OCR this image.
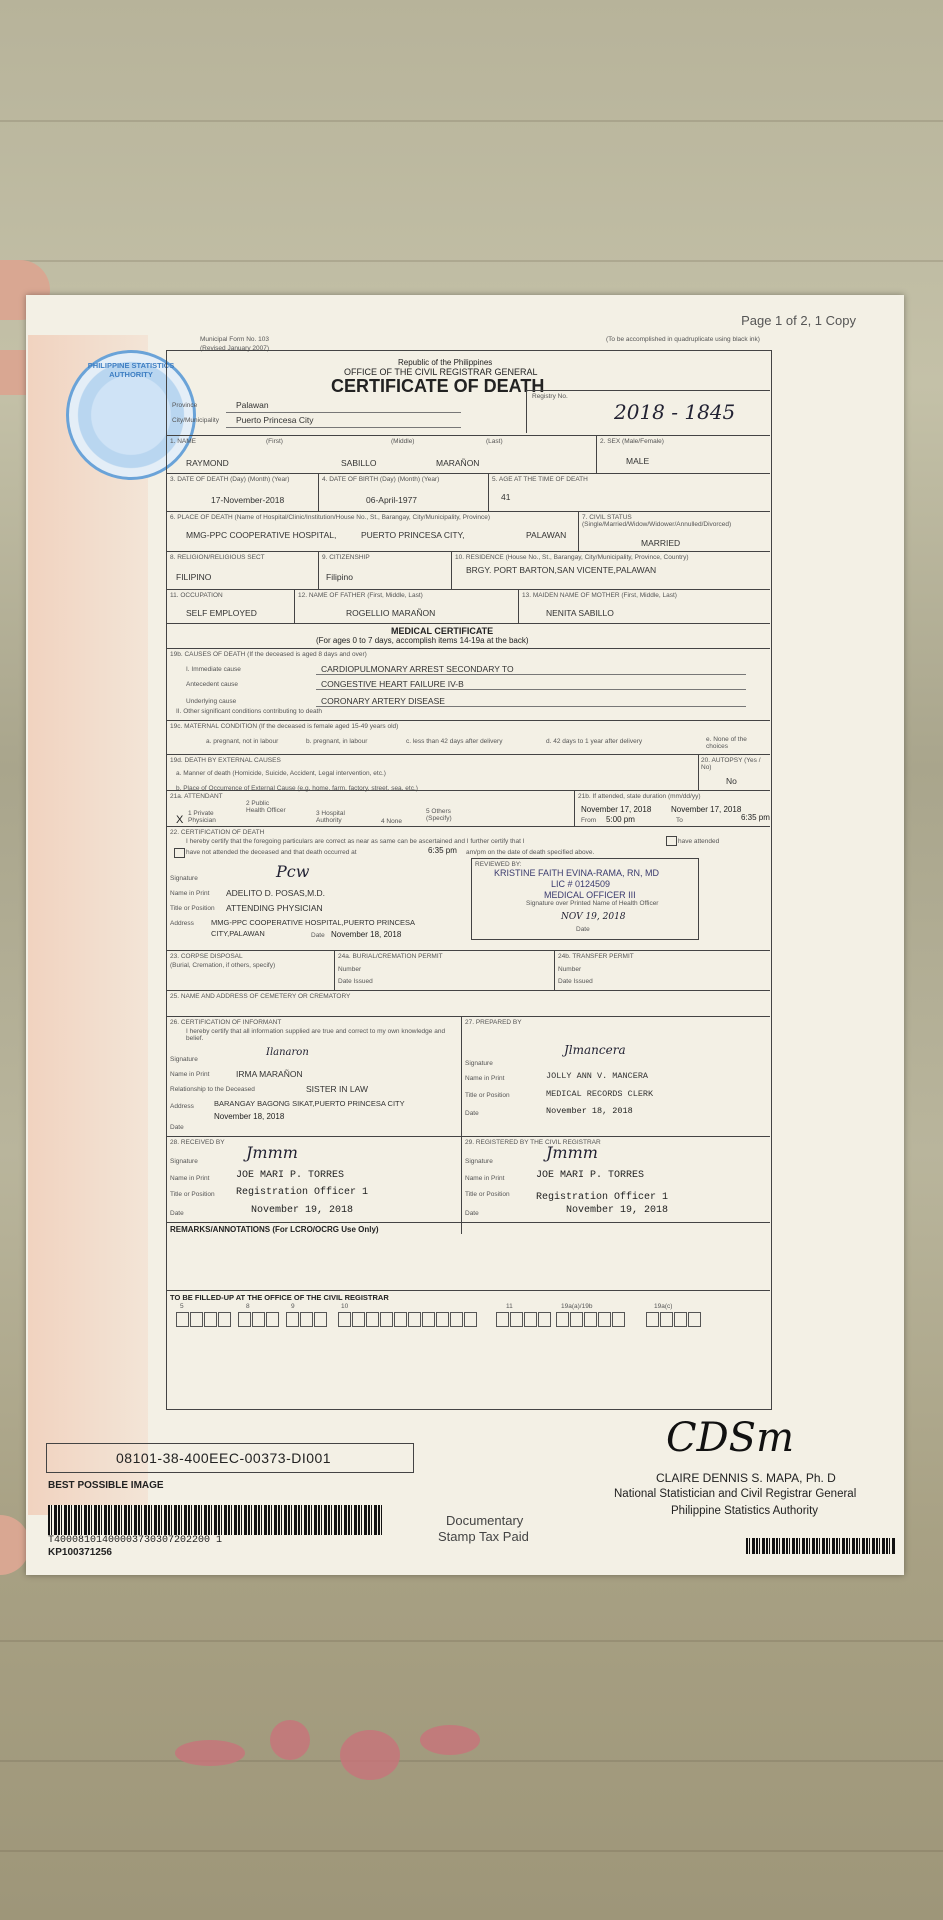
Page 1 of 2, 1 Copy
PHILIPPINE STATISTICS AUTHORITY
Municipal Form No. 103
(Revised January 2007)
(To be accomplished in quadruplicate using black ink)
Republic of the Philippines
OFFICE OF THE CIVIL REGISTRAR GENERAL
CERTIFICATE OF DEATH
Province	Palawan
City/Municipality Puerto Princesa City
Registry No.
2018 - 1845
1. NAME	(First)	(Middle)	(Last)
RAYMOND	SABILLO	MARAÑON
2. SEX (Male/Female)
MALE
3. DATE OF DEATH (Day) (Month) (Year)
17-November-2018
4. DATE OF BIRTH (Day) (Month) (Year)
06-April-1977
5. AGE AT THE TIME OF DEATH
41
6. PLACE OF DEATH (Name of Hospital/Clinic/Institution/House No., St., Barangay, City/Municipality, Province)
MMG-PPC COOPERATIVE HOSPITAL,	PUERTO PRINCESA CITY,	PALAWAN
7. CIVIL STATUS (Single/Married/Widow/Widower/Annulled/Divorced)
MARRIED
8. RELIGION/RELIGIOUS SECT
FILIPINO
9. CITIZENSHIP
Filipino
10. RESIDENCE (House No., St., Barangay, City/Municipality, Province, Country)
BRGY. PORT BARTON,SAN VICENTE,PALAWAN
11. OCCUPATION
SELF EMPLOYED
12. NAME OF FATHER (First, Middle, Last)
ROGELLIO MARAÑON
13. MAIDEN NAME OF MOTHER (First, Middle, Last)
NENITA SABILLO
MEDICAL CERTIFICATE
(For ages 0 to 7 days, accomplish items 14-19a at the back)
19b. CAUSES OF DEATH (If the deceased is aged 8 days and over)
I. Immediate cause	CARDIOPULMONARY ARREST SECONDARY TO
Antecedent cause	CONGESTIVE HEART FAILURE IV-B
Underlying cause	CORONARY ARTERY DISEASE
II. Other significant conditions contributing to death
19c. MATERNAL CONDITION (If the deceased is female aged 15-49 years old)
a. pregnant, not in labour	b. pregnant, in labour	c. less than 42 days after delivery	d. 42 days to 1 year after delivery	e. None of the choices
19d. DEATH BY EXTERNAL CAUSES
a. Manner of death (Homicide, Suicide, Accident, Legal intervention, etc.)
b. Place of Occurrence of External Cause (e.g. home, farm, factory, street, sea, etc.)
20. AUTOPSY (Yes / No)
No
21a. ATTENDANT
X
1 Private Physician
2 Public Health Officer	3 Hospital Authority	4 None
5 Others (Specify)
21b. If attended, state duration (mm/dd/yy)
November 17, 2018 November 17, 2018
From 5:00 pm	To	6:35 pm
22. CERTIFICATION OF DEATH
I hereby certify that the foregoing particulars are correct as near as same can be ascertained and I further certify that I	have attended
have not attended the deceased and that death occurred at	6:35 pm am/pm on the date of death specified above.
Signature	Pcw
Name in Print ADELITO D. POSAS,M.D.
Title or Position ATTENDING PHYSICIAN
Address MMG-PPC COOPERATIVE HOSPITAL,PUERTO PRINCESA
CITY,PALAWAN	Date November 18, 2018
REVIEWED BY:
KRISTINE FAITH EVINA-RAMA, RN, MD
LIC # 0124509
MEDICAL OFFICER III
Signature over Printed Name of Health Officer
NOV 19, 2018
Date
23. CORPSE DISPOSAL
(Burial, Cremation, if others, specify)
24a. BURIAL/CREMATION PERMIT
Number
Date Issued
24b. TRANSFER PERMIT
Number
Date Issued
25. NAME AND ADDRESS OF CEMETERY OR CREMATORY
26. CERTIFICATION OF INFORMANT
I hereby certify that all information supplied are true and correct to my own knowledge and belief.
Signature
Ilanaron
Name in Print	IRMA MARAÑON
Relationship to the Deceased	SISTER IN LAW
Address	BARANGAY BAGONG SIKAT,PUERTO PRINCESA CITY
Date
November 18, 2018
27. PREPARED BY
Signature
Jlmancera
Name in Print	JOLLY ANN V. MANCERA
Title or Position	MEDICAL RECORDS CLERK
Date	November 18, 2018
28. RECEIVED BY
Signature	Jmmm
Name in Print	JOE MARI P. TORRES
Title or Position Registration Officer 1
Date	November 19, 2018
29. REGISTERED BY THE CIVIL REGISTRAR
Signature	Jmmm
Name in Print	JOE MARI P. TORRES
Title or Position	Registration Officer 1
Date	November 19, 2018
REMARKS/ANNOTATIONS (For LCRO/OCRG Use Only)
TO BE FILLED-UP AT THE OFFICE OF THE CIVIL REGISTRAR
5	8	9	10	11	19a(a)/19b	19a(c)
08101-38-400EEC-00373-DI001
BEST POSSIBLE IMAGE
T40008101400003730307202200 1
KP100371256
Documentary
Stamp Tax Paid
CDSm
CLAIRE DENNIS S. MAPA, Ph. D
National Statistician and Civil Registrar General
Philippine Statistics Authority
